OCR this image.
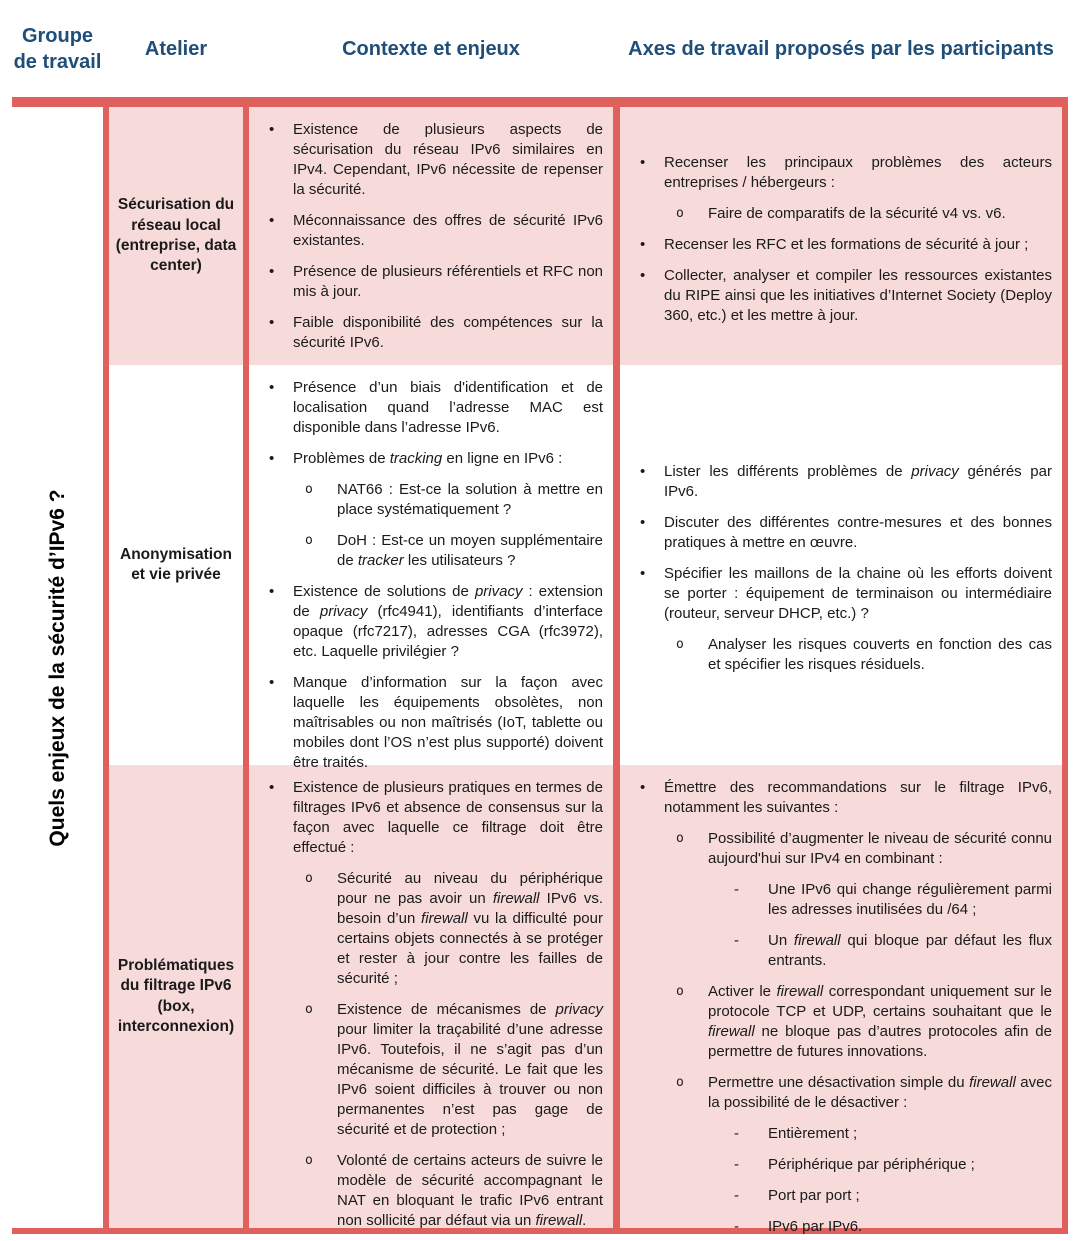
Groupe de travail
Atelier	Contexte et enjeux	Axes de travail proposés par les participants
Quels enjeux de la sécurité d’IPv6 ?
Sécurisation du réseau local (entreprise, data center)
Anonymisation et vie privée
Problématiques du filtrage IPv6 (box, interconnexion)
• Existence de plusieurs aspects de sécurisation du réseau IPv6 similaires en IPv4. Cependant, IPv6 nécessite de repenser la sécurité.
• Méconnaissance des offres de sécurité IPv6 existantes.
• Présence de plusieurs référentiels et RFC non mis à jour.
• Faible disponibilité des compétences sur la sécurité IPv6.
• Présence d’un biais d'identification et de localisation quand l’adresse MAC est disponible dans l’adresse IPv6.
• Problèmes de tracking en ligne en IPv6 :
o NAT66 : Est-ce la solution à mettre en place systématiquement ?
o DoH : Est-ce un moyen supplémentaire de tracker les utilisateurs ?
• Existence de solutions de privacy : extension de privacy (rfc4941), identifiants d’interface opaque (rfc7217), adresses CGA (rfc3972), etc. Laquelle privilégier ?
• Manque d’information sur la façon avec laquelle les équipements obsolètes, non maîtrisables ou non maîtrisés (IoT, tablette ou mobiles dont l’OS n’est plus supporté) doivent être traités.
• Existence de plusieurs pratiques en termes de filtrages IPv6 et absence de consensus sur la façon avec laquelle ce filtrage doit être effectué :
o Sécurité au niveau du périphérique pour ne pas avoir un firewall IPv6 vs. besoin d’un firewall vu la difficulté pour certains objets connectés à se protéger et rester à jour contre les failles de sécurité ;
o Existence de mécanismes de privacy pour limiter la traçabilité d’une adresse IPv6. Toutefois, il ne s’agit pas d’un mécanisme de sécurité. Le fait que les IPv6 soient difficiles à trouver ou non permanentes n’est pas gage de sécurité et de protection ;
o Volonté de certains acteurs de suivre le modèle de sécurité accompagnant le NAT en bloquant le trafic IPv6 entrant non sollicité par défaut via un firewall.
• Recenser les principaux problèmes des acteurs entreprises / hébergeurs :
o Faire de comparatifs de la sécurité v4 vs. v6.
• Recenser les RFC et les formations de sécurité à jour ;
• Collecter, analyser et compiler les ressources existantes du RIPE ainsi que les initiatives d’Internet Society (Deploy 360, etc.) et les mettre à jour.
• Lister les différents problèmes de privacy générés par IPv6.
• Discuter des différentes contre-mesures et des bonnes pratiques à mettre en œuvre.
• Spécifier les maillons de la chaine où les efforts doivent se porter : équipement de terminaison ou intermédiaire (routeur, serveur DHCP, etc.) ?
o Analyser les risques couverts en fonction des cas et spécifier les risques résiduels.
• Émettre des recommandations sur le filtrage IPv6, notamment les suivantes :
o Possibilité d’augmenter le niveau de sécurité connu aujourd'hui sur IPv4 en combinant :
- Une IPv6 qui change régulièrement parmi les adresses inutilisées du /64 ;
- Un firewall qui bloque par défaut les flux entrants.
o Activer le firewall correspondant uniquement sur le protocole TCP et UDP, certains souhaitant que le firewall ne bloque pas d’autres protocoles afin de permettre de futures innovations.
o Permettre une désactivation simple du firewall avec la possibilité de le désactiver :
- Entièrement ;
- Périphérique par périphérique ;
- Port par port ;
- IPv6 par IPv6.
